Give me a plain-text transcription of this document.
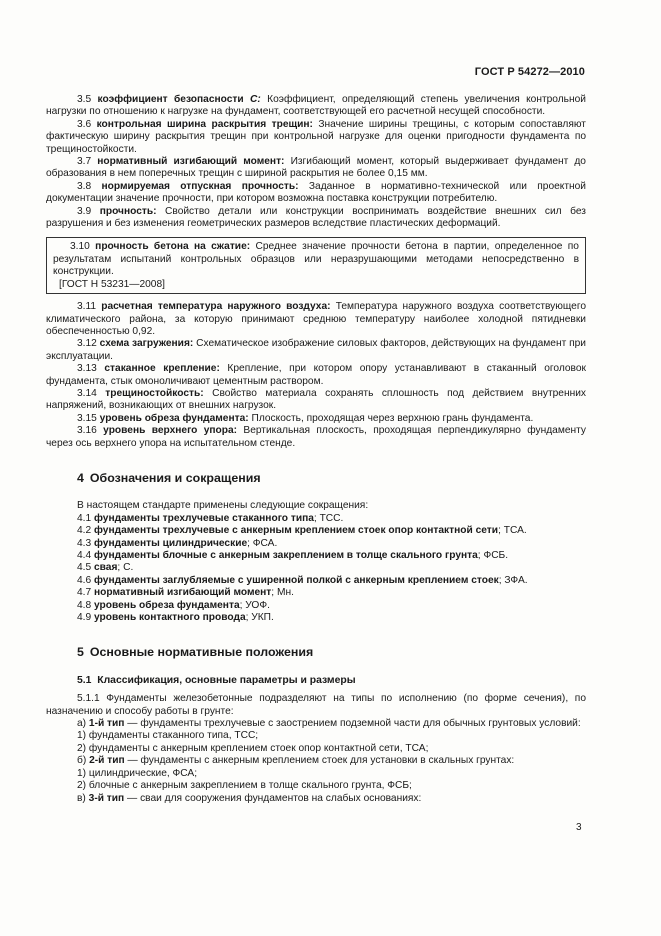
ГОСТ Р 54272—2010

3.5 коэффициент безопасности C: Коэффициент, определяющий степень увеличения контрольной нагрузки по отношению к нагрузке на фундамент, соответствующей его расчетной несущей способности.

3.6 контрольная ширина раскрытия трещин: Значение ширины трещины, с которым сопоставляют фактическую ширину раскрытия трещин при контрольной нагрузке для оценки пригодности фундамента по трещиностойкости.

3.7 нормативный изгибающий момент: Изгибающий момент, который выдерживает фундамент до образования в нем поперечных трещин с шириной раскрытия не более 0,15 мм.

3.8 нормируемая отпускная прочность: Заданное в нормативно-технической или проектной документации значение прочности, при котором возможна поставка конструкции потребителю.

3.9 прочность: Свойство детали или конструкции воспринимать воздействие внешних сил без разрушения и без изменения геометрических размеров вследствие пластических деформаций.

3.10 прочность бетона на сжатие: Среднее значение прочности бетона в партии, определенное по результатам испытаний контрольных образцов или неразрушающими методами непосредственно в конструкции.

[ГОСТ Н 53231—2008]

3.11 расчетная температура наружного воздуха: Температура наружного воздуха соответствующего климатического района, за которую принимают среднюю температуру наиболее холодной пятидневки обеспеченностью 0,92.

3.12 схема загружения: Схематическое изображение силовых факторов, действующих на фундамент при эксплуатации.

3.13 стаканное крепление: Крепление, при котором опору устанавливают в стаканный оголовок фундамента, стык омоноличивают цементным раствором.

3.14 трещиностойкость: Свойство материала сохранять сплошность под действием внутренних напряжений, возникающих от внешних нагрузок.

3.15 уровень обреза фундамента: Плоскость, проходящая через верхнюю грань фундамента.

3.16 уровень верхнего упора: Вертикальная плоскость, проходящая перпендикулярно фундаменту через ось верхнего упора на испытательном стенде.

4 Обозначения и сокращения

В настоящем стандарте применены следующие сокращения:

4.1 фундаменты трехлучевые стаканного типа; ТСС.

4.2 фундаменты трехлучевые с анкерным креплением стоек опор контактной сети; ТСА.

4.3 фундаменты цилиндрические; ФСА.

4.4 фундаменты блочные с анкерным закреплением в толще скального грунта; ФСБ.

4.5 свая; С.

4.6 фундаменты заглубляемые с уширенной полкой с анкерным креплением стоек; ЗФА.

4.7 нормативный изгибающий момент; Мн.

4.8 уровень обреза фундамента; УОФ.

4.9 уровень контактного провода; УКП.

5 Основные нормативные положения
5.1 Классификация, основные параметры и размеры

5.1.1 Фундаменты железобетонные подразделяют на типы по исполнению (по форме сечения), по назначению и способу работы в грунте:

а) 1-й тип — фундаменты трехлучевые с заострением подземной части для обычных грунтовых условий:

1) фундаменты стаканного типа, ТСС;

2) фундаменты с анкерным креплением стоек опор контактной сети, ТСА;

б) 2-й тип — фундаменты с анкерным креплением стоек для установки в скальных грунтах:

1) цилиндрические, ФСА;

2) блочные с анкерным закреплением в толще скального грунта, ФСБ;

в) 3-й тип — сваи для сооружения фундаментов на слабых основаниях:

3
